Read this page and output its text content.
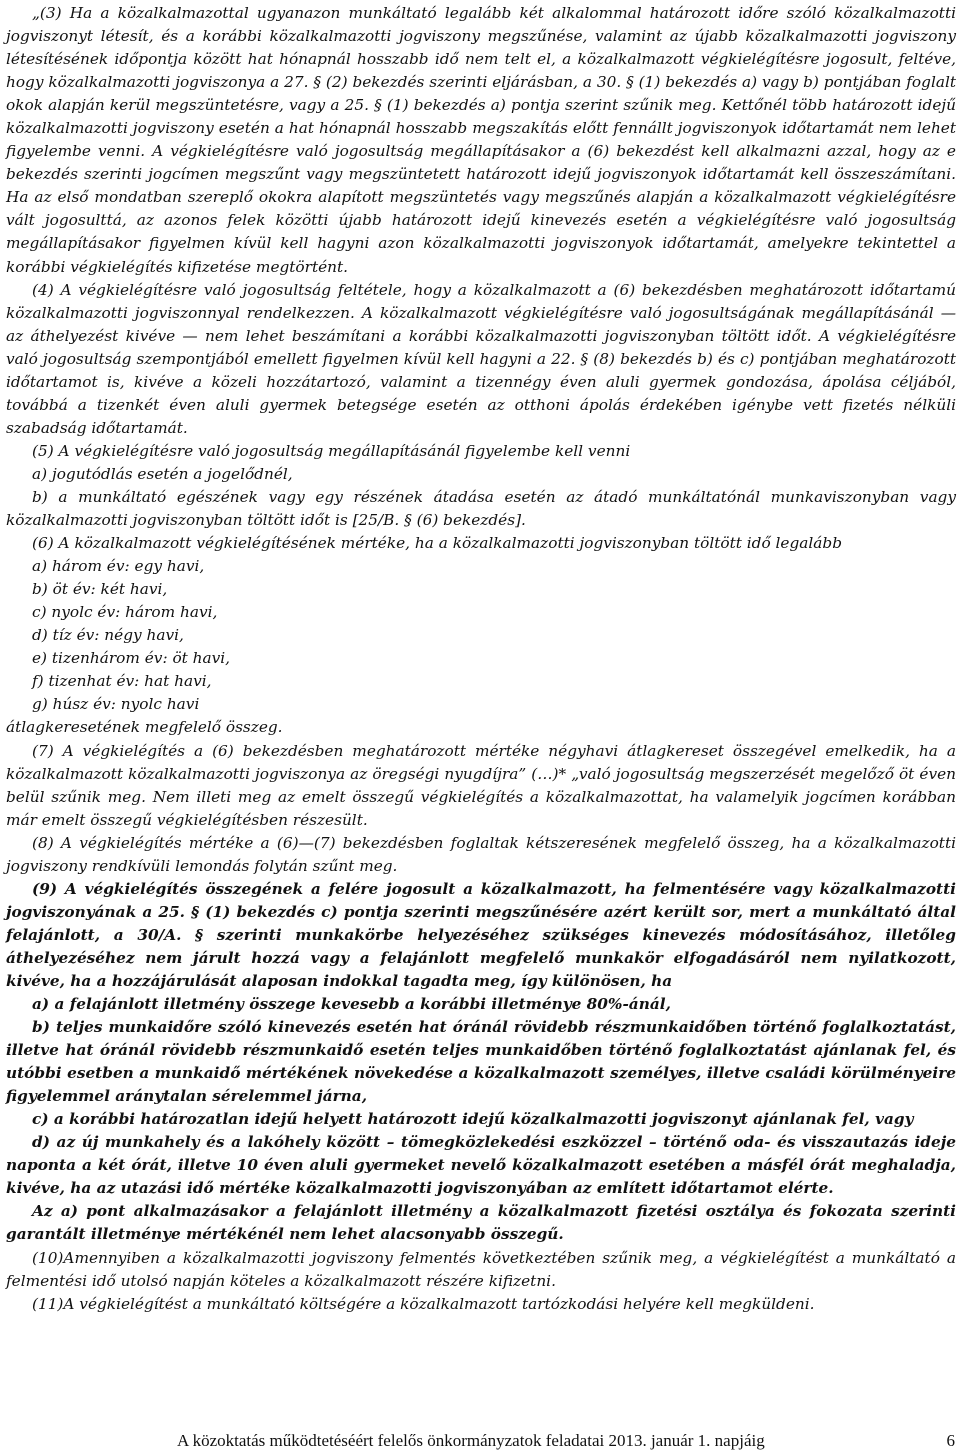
„(3) Ha a közalkalmazottal ugyanazon munkáltató legalább két alkalommal határozott időre szóló közalkalmazotti jogviszonyt létesít, és a korábbi közalkalmazotti jogviszony megszűnése, valamint az újabb közalkalmazotti jogviszony létesítésének időpontja között hat hónapnál hosszabb idő nem telt el, a közalkalmazott végkielégítésre jogosult, feltéve, hogy közalkalmazotti jogviszonya a 27. § (2) bekezdés szerinti eljárásban, a 30. § (1) bekezdés a) vagy b) pontjában foglalt okok alapján kerül megszüntetésre, vagy a 25. § (1) bekezdés a) pontja szerint szűnik meg. Kettőnél több határozott idejű közalkalmazotti jogviszony esetén a hat hónapnál hosszabb megszakítás előtt fennállt jogviszonyok időtartamát nem lehet figyelembe venni. A végkielégítésre való jogosultság megállapításakor a (6) bekezdést kell alkalmazni azzal, hogy az e bekezdés szerinti jogcímen megszűnt vagy megszüntetett határozott idejű jogviszonyok időtartamát kell összeszámítani. Ha az első mondatban szereplő okokra alapított megszüntetés vagy megszűnés alapján a közalkalmazott végkielégítésre vált jogosulttá, az azonos felek közötti újabb határozott idejű kinevezés esetén a végkielégítésre való jogosultság megállapításakor figyelmen kívül kell hagyni azon közalkalmazotti jogviszonyok időtartamát, amelyekre tekintettel a korábbi végkielégítés kifizetése megtörtént.

(4) A végkielégítésre való jogosultság feltétele, hogy a közalkalmazott a (6) bekezdésben meghatározott időtartamú közalkalmazotti jogviszonnyal rendelkezzen. A közalkalmazott végkielégítésre való jogosultságának megállapításánál — az áthelyezést kivéve — nem lehet beszámítani a korábbi közalkalmazotti jogviszonyban töltött időt. A végkielégítésre való jogosultság szempontjából emellett figyelmen kívül kell hagyni a 22. § (8) bekezdés b) és c) pontjában meghatározott időtartamot is, kivéve a közeli hozzátartozó, valamint a tizennégy éven aluli gyermek gondozása, ápolása céljából, továbbá a tizenkét éven aluli gyermek betegsége esetén az otthoni ápolás érdekében igénybe vett fizetés nélküli szabadság időtartamát.

(5) A végkielégítésre való jogosultság megállapításánál figyelembe kell venni

a) jogutódlás esetén a jogelődnél,

b) a munkáltató egészének vagy egy részének átadása esetén az átadó munkáltatónál munkaviszonyban vagy közalkalmazotti jogviszonyban töltött időt is [25/B. § (6) bekezdés].

(6) A közalkalmazott végkielégítésének mértéke, ha a közalkalmazotti jogviszonyban töltött idő legalább

a) három év: egy havi,

b) öt év: két havi,

c) nyolc év: három havi,

d) tíz év: négy havi,

e) tizenhárom év: öt havi,

f) tizenhat év: hat havi,

g) húsz év: nyolc havi

átlagkeresetének megfelelő összeg.

(7) A végkielégítés a (6) bekezdésben meghatározott mértéke négyhavi átlagkereset összegével emelkedik, ha a közalkalmazott közalkalmazotti jogviszonya az öregségi nyugdíjra” (…)* „való jogosultság megszerzését megelőző öt éven belül szűnik meg. Nem illeti meg az emelt összegű végkielégítés a közalkalmazottat, ha valamelyik jogcímen korábban már emelt összegű végkielégítésben részesült.

(8) A végkielégítés mértéke a (6)—(7) bekezdésben foglaltak kétszeresének megfelelő összeg, ha a közalkalmazotti jogviszony rendkívüli lemondás folytán szűnt meg.

(9) A végkielégítés összegének a felére jogosult a közalkalmazott, ha felmentésére vagy közalkalmazotti jogviszonyának a 25. § (1) bekezdés c) pontja szerinti megszűnésére azért került sor, mert a munkáltató által felajánlott, a 30/A. § szerinti munkakörbe helyezéséhez szükséges kinevezés módosításához, illetőleg áthelyezéséhez nem járult hozzá vagy a felajánlott megfelelő munkakör elfogadásáról nem nyilatkozott, kivéve, ha a hozzájárulását alaposan indokkal tagadta meg, így különösen, ha

a) a felajánlott illetmény összege kevesebb a korábbi illetménye 80%-ánál,

b) teljes munkaidőre szóló kinevezés esetén hat óránál rövidebb részmunkaidőben történő foglalkoztatást, illetve hat óránál rövidebb részmunkaidő esetén teljes munkaidőben történő foglalkoztatást ajánlanak fel, és utóbbi esetben a munkaidő mértékének növekedése a közalkalmazott személyes, illetve családi körülményeire figyelemmel aránytalan sérelemmel járna,

c) a korábbi határozatlan idejű helyett határozott idejű közalkalmazotti jogviszonyt ajánlanak fel, vagy

d) az új munkahely és a lakóhely között – tömegközlekedési eszközzel – történő oda- és visszautazás ideje naponta a két órát, illetve 10 éven aluli gyermeket nevelő közalkalmazott esetében a másfél órát meghaladja, kivéve, ha az utazási idő mértéke közalkalmazotti jogviszonyában az említett időtartamot elérte.

Az a) pont alkalmazásakor a felajánlott illetmény a közalkalmazott fizetési osztálya és fokozata szerinti garantált illetménye mértékénél nem lehet alacsonyabb összegű.

(10)Amennyiben a közalkalmazotti jogviszony felmentés következtében szűnik meg, a végkielégítést a munkáltató a felmentési idő utolsó napján köteles a közalkalmazott részére kifizetni.

(11)A végkielégítést a munkáltató költségére a közalkalmazott tartózkodási helyére kell megküldeni.

A közoktatás működtetéséért felelős önkormányzatok feladatai 2013. január 1. napjáig	6
